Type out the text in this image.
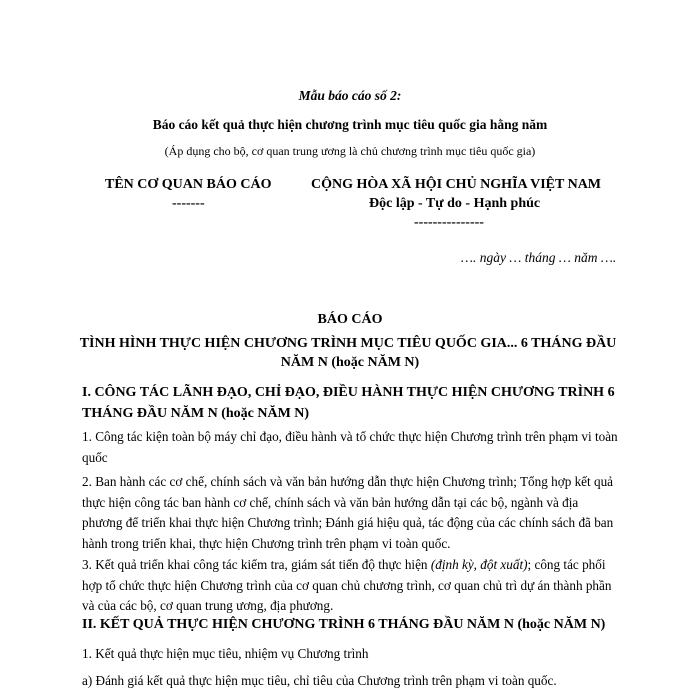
Mẫu báo cáo số 2:
Báo cáo kết quả thực hiện chương trình mục tiêu quốc gia hằng năm
(Áp dụng cho bộ, cơ quan trung ương là chủ chương trình mục tiêu quốc gia)
TÊN CƠ QUAN BÁO CÁO
-------
CỘNG HÒA XÃ HỘI CHỦ NGHĨA VIỆT NAM
Độc lập - Tự do - Hạnh phúc
---------------
…. ngày … tháng … năm ….
BÁO CÁO
TÌNH HÌNH THỰC HIỆN CHƯƠNG TRÌNH MỤC TIÊU QUỐC GIA... 6 THÁNG ĐẦU
NĂM N (hoặc NĂM N)
I. CÔNG TÁC LÃNH ĐẠO, CHỈ ĐẠO, ĐIỀU HÀNH THỰC HIỆN CHƯƠNG TRÌNH 6 THÁNG ĐẦU NĂM N (hoặc NĂM N)
1. Công tác kiện toàn bộ máy chỉ đạo, điều hành và tổ chức thực hiện Chương trình trên phạm vi toàn quốc
2. Ban hành các cơ chế, chính sách và văn bản hướng dẫn thực hiện Chương trình; Tổng hợp kết quả thực hiện công tác ban hành cơ chế, chính sách và văn bản hướng dẫn tại các bộ, ngành và địa phương để triển khai thực hiện Chương trình; Đánh giá hiệu quả, tác động của các chính sách đã ban hành trong triển khai, thực hiện Chương trình trên phạm vi toàn quốc.
3. Kết quả triển khai công tác kiểm tra, giám sát tiến độ thực hiện (định kỳ, đột xuất); công tác phối hợp tổ chức thực hiện Chương trình của cơ quan chủ chương trình, cơ quan chủ trì dự án thành phần và của các bộ, cơ quan trung ương, địa phương.
II. KẾT QUẢ THỰC HIỆN CHƯƠNG TRÌNH 6 THÁNG ĐẦU NĂM N (hoặc NĂM N)
1. Kết quả thực hiện mục tiêu, nhiệm vụ Chương trình
a) Đánh giá kết quả thực hiện mục tiêu, chỉ tiêu của Chương trình trên phạm vi toàn quốc.
